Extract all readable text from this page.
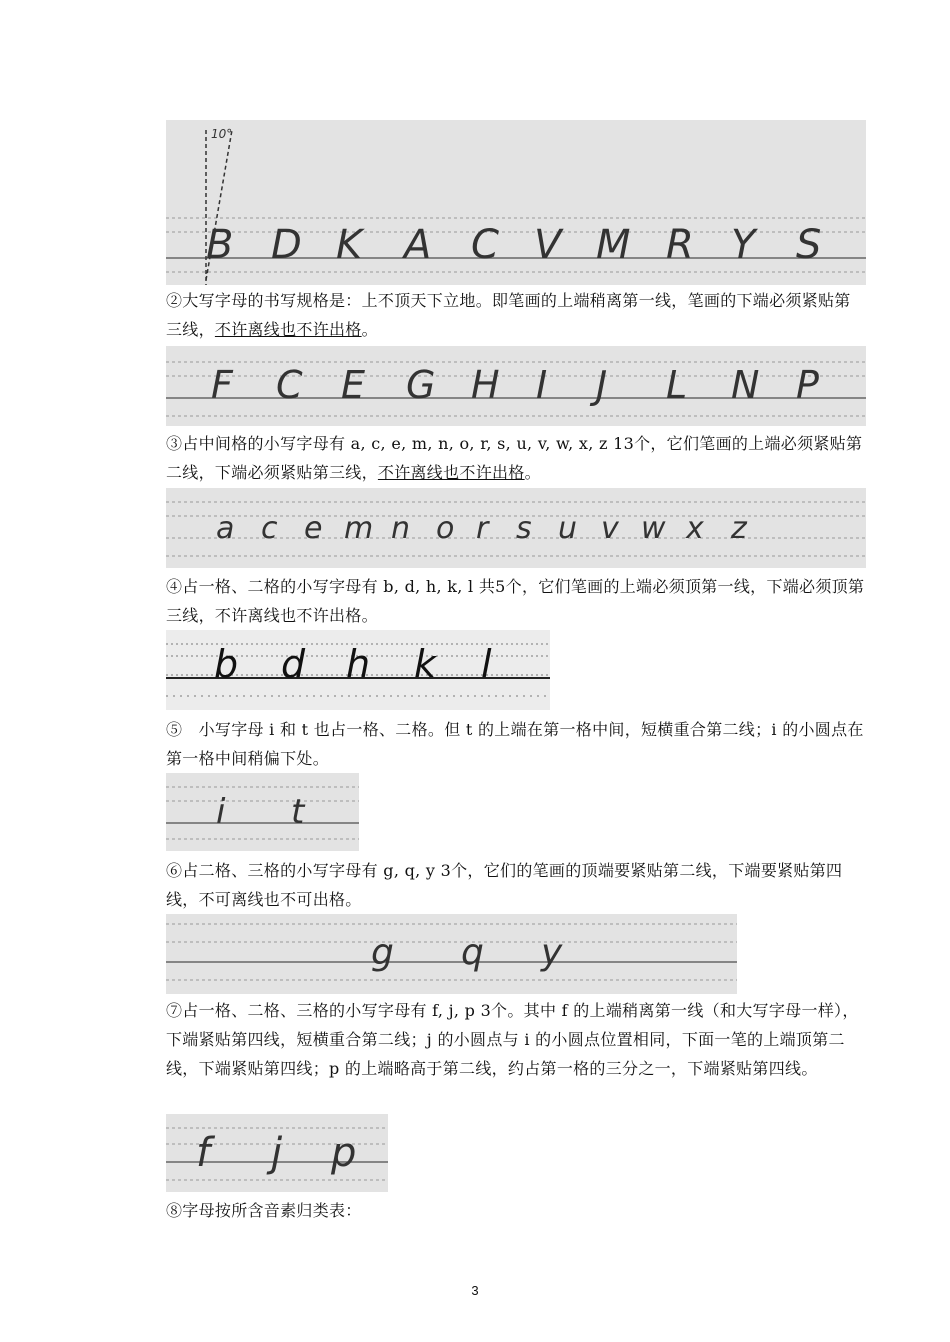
10°
B D K A C V M R Y S
②大写字母的书写规格是：上不顶天下立地。即笔画的上端稍离第一线，笔画的下端必须紧贴第三线，不许离线也不许出格。
F C E G H I J L N P
③占中间格的小写字母有 a, c, e, m, n, o, r, s, u, v, w, x, z 13个，它们笔画的上端必须紧贴第二线，下端必须紧贴第三线，不许离线也不许出格。
a c e m n o r s u v w x z
④占一格、二格的小写字母有 b, d, h, k, l 共5个，它们笔画的上端必须顶第一线，下端必须顶第三线，不许离线也不许出格。
b d h k l
⑤　小写字母 i 和 t 也占一格、二格。但 t 的上端在第一格中间，短横重合第二线；i 的小圆点在第一格中间稍偏下处。
i t
⑥占二格、三格的小写字母有 g, q, y 3个，它们的笔画的顶端要紧贴第二线，下端要紧贴第四线，不可离线也不可出格。
g q y
⑦占一格、二格、三格的小写字母有 f, j, p 3个。其中 f 的上端稍离第一线（和大写字母一样），下端紧贴第四线，短横重合第二线；j 的小圆点与 i 的小圆点位置相同，下面一笔的上端顶第二线，下端紧贴第四线；p 的上端略高于第二线，约占第一格的三分之一，下端紧贴第四线。
f j p
⑧字母按所含音素归类表：
3
